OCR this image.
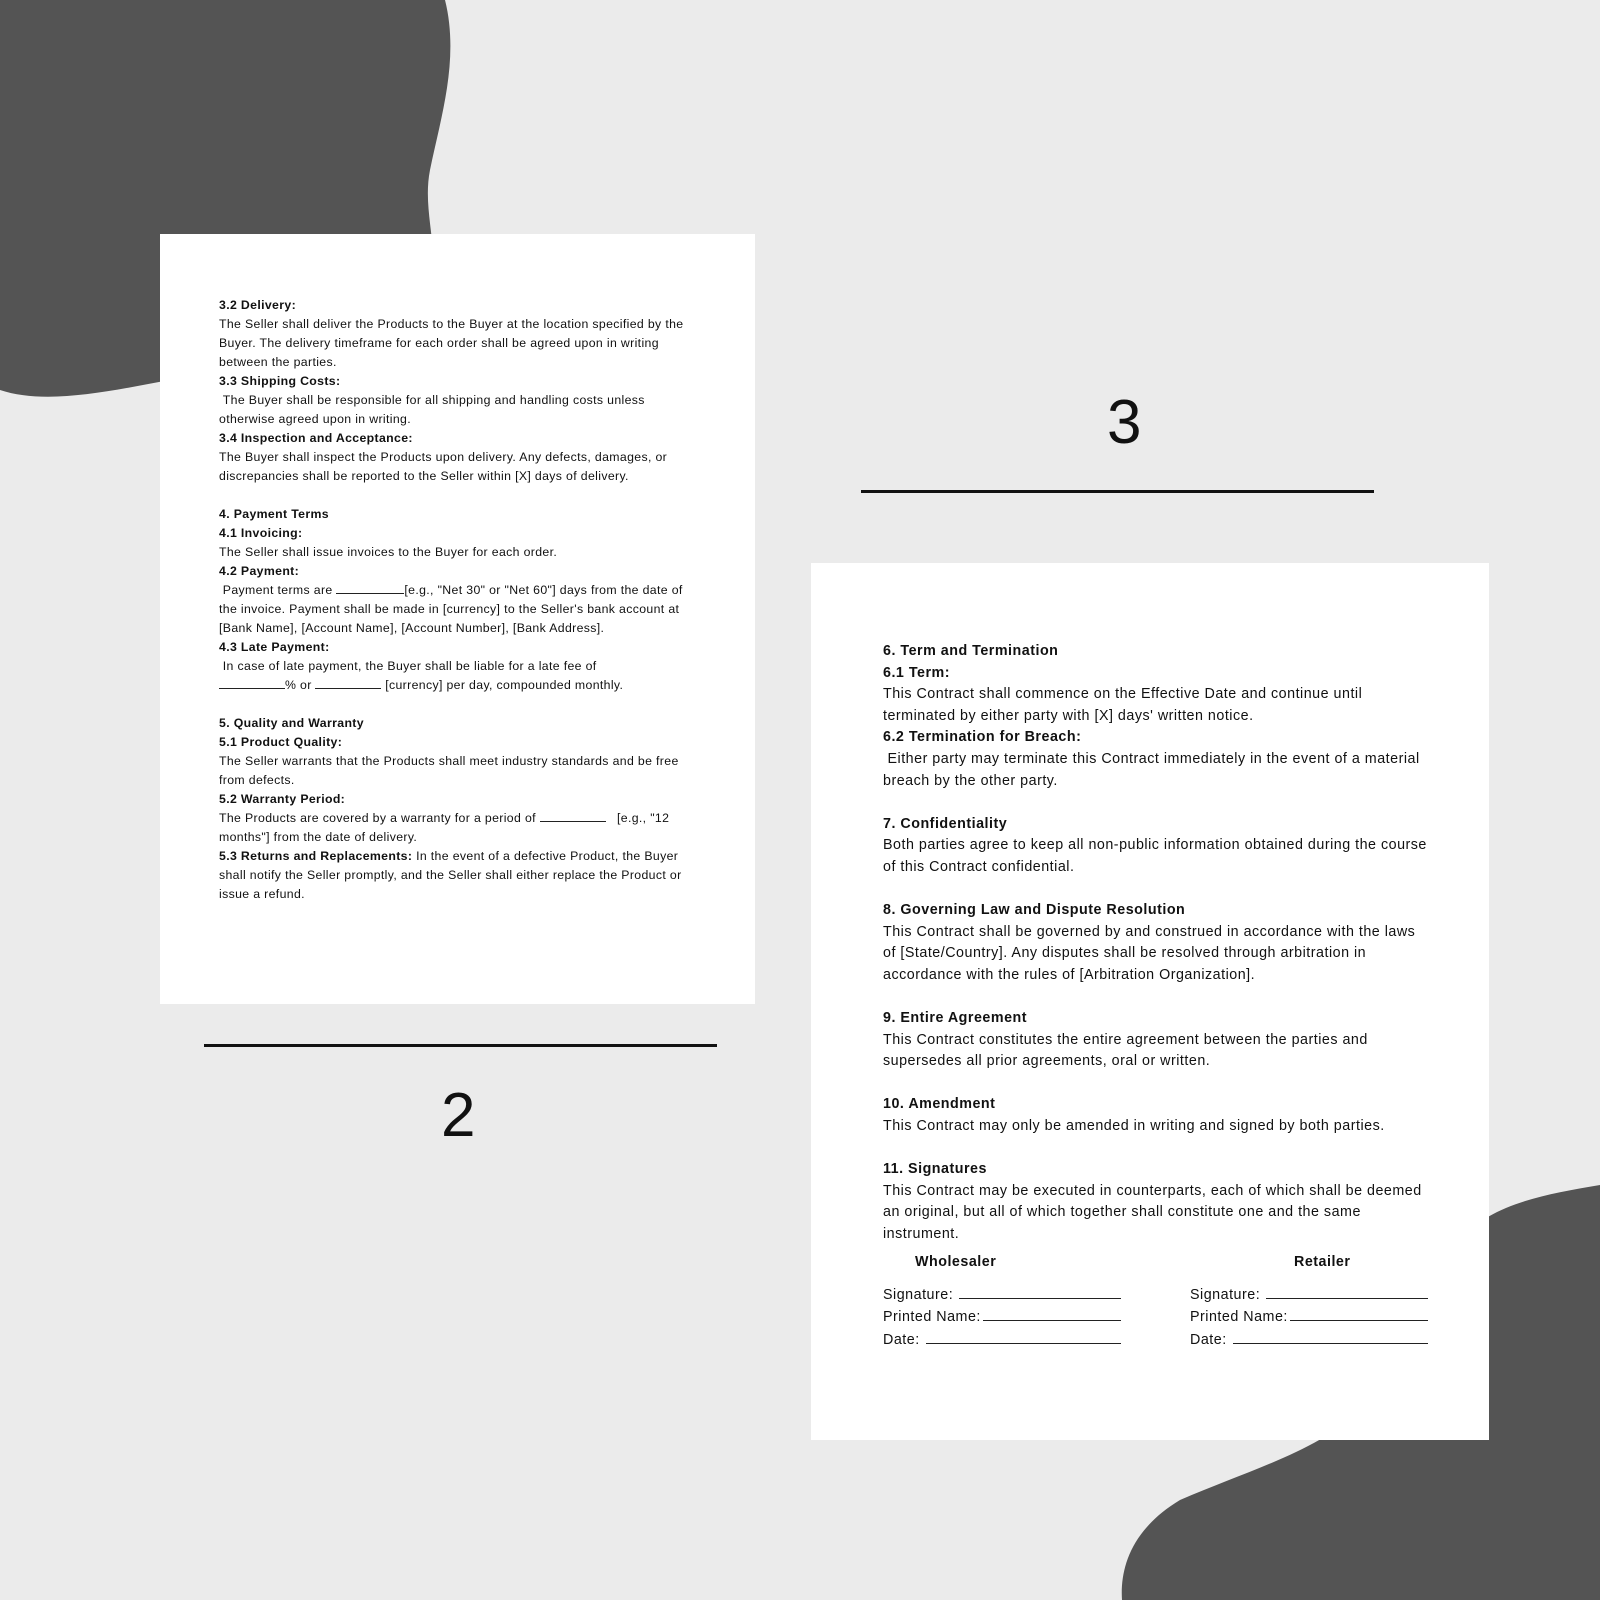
3.2 Delivery:
The Seller shall deliver the Products to the Buyer at the location specified by the Buyer. The delivery timeframe for each order shall be agreed upon in writing between the parties.
3.3 Shipping Costs:
The Buyer shall be responsible for all shipping and handling costs unless otherwise agreed upon in writing.
3.4 Inspection and Acceptance:
The Buyer shall inspect the Products upon delivery. Any defects, damages, or discrepancies shall be reported to the Seller within [X] days of delivery.
4. Payment Terms
4.1 Invoicing:
The Seller shall issue invoices to the Buyer for each order.
4.2 Payment:
Payment terms are	[e.g., "Net 30" or "Net 60"] days from the date of the invoice. Payment shall be made in [currency] to the Seller's bank account at [Bank Name], [Account Name], [Account Number], [Bank Address].
4.3 Late Payment:
In case of late payment, the Buyer shall be liable for a late fee of
% or	[currency] per day, compounded monthly.
5. Quality and Warranty
5.1 Product Quality:
The Seller warrants that the Products shall meet industry standards and be free from defects.
5.2 Warranty Period:
The Products are covered by a warranty for a period of	[e.g., "12 months"] from the date of delivery.
5.3 Returns and Replacements: In the event of a defective Product, the Buyer shall notify the Seller promptly, and the Seller shall either replace the Product or issue a refund.
2
3
6. Term and Termination
6.1 Term:
This Contract shall commence on the Effective Date and continue until terminated by either party with [X] days' written notice.
6.2 Termination for Breach:
Either party may terminate this Contract immediately in the event of a material breach by the other party.
7. Confidentiality
Both parties agree to keep all non-public information obtained during the course of this Contract confidential.
8. Governing Law and Dispute Resolution
This Contract shall be governed by and construed in accordance with the laws of [State/Country]. Any disputes shall be resolved through arbitration in accordance with the rules of [Arbitration Organization].
9. Entire Agreement
This Contract constitutes the entire agreement between the parties and supersedes all prior agreements, oral or written.
10. Amendment
This Contract may only be amended in writing and signed by both parties.
11. Signatures
This Contract may be executed in counterparts, each of which shall be deemed an original, but all of which together shall constitute one and the same instrument.
Wholesaler
Signature:
Printed Name:
Date:
Retailer
Signature:
Printed Name:
Date:
